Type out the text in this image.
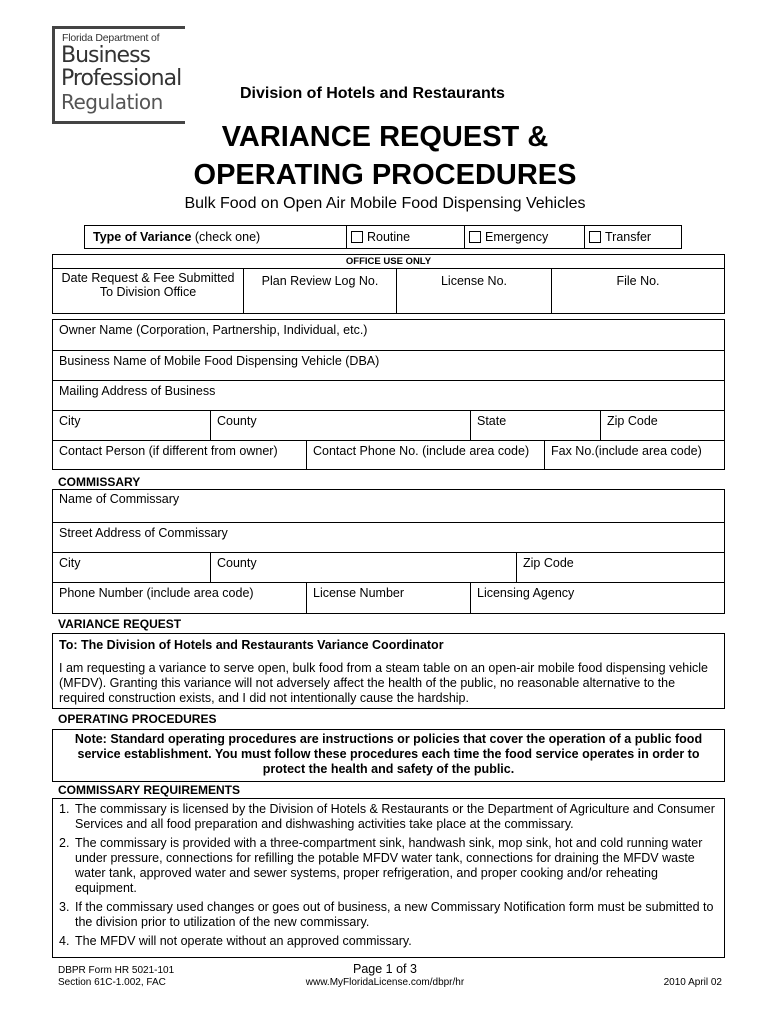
Florida Department of
Business
Professional
Regulation	Division of Hotels and Restaurants
VARIANCE REQUEST &
OPERATING PROCEDURES
Bulk Food on Open Air Mobile Food Dispensing Vehicles
Type of Variance (check one)	Routine	Emergency	Transfer
OFFICE USE ONLY
Date Request & Fee Submitted
To Division Office
Plan Review Log No.	License No.	File No.
Owner Name (Corporation, Partnership, Individual, etc.)
Business Name of Mobile Food Dispensing Vehicle (DBA)
Mailing Address of Business
City	County	State	Zip Code
Contact Person (if different from owner)	Contact Phone No. (include area code)	Fax No.(include area code)
COMMISSARY
Name of Commissary
Street Address of Commissary
City	County	Zip Code
Phone Number (include area code)	License Number	Licensing Agency
VARIANCE REQUEST
To: The Division of Hotels and Restaurants Variance Coordinator
I am requesting a variance to serve open, bulk food from a steam table on an open-air mobile food dispensing vehicle (MFDV). Granting this variance will not adversely affect the health of the public, no reasonable alternative to the required construction exists, and I did not intentionally cause the hardship.
OPERATING PROCEDURES
Note: Standard operating procedures are instructions or policies that cover the operation of a public food service establishment. You must follow these procedures each time the food service operates in order to protect the health and safety of the public.
COMMISSARY REQUIREMENTS
1. The commissary is licensed by the Division of Hotels & Restaurants or the Department of Agriculture and Consumer Services and all food preparation and dishwashing activities take place at the commissary.
2. The commissary is provided with a three-compartment sink, handwash sink, mop sink, hot and cold running water under pressure, connections for refilling the potable MFDV water tank, connections for draining the MFDV waste water tank, approved water and sewer systems, proper refrigeration, and proper cooking and/or reheating equipment.
3. If the commissary used changes or goes out of business, a new Commissary Notification form must be submitted to the division prior to utilization of the new commissary.
4. The MFDV will not operate without an approved commissary.
DBPR Form HR 5021-101
Section 61C-1.002, FAC
Page 1 of 3
www.MyFloridaLicense.com/dbpr/hr	2010 April 02
